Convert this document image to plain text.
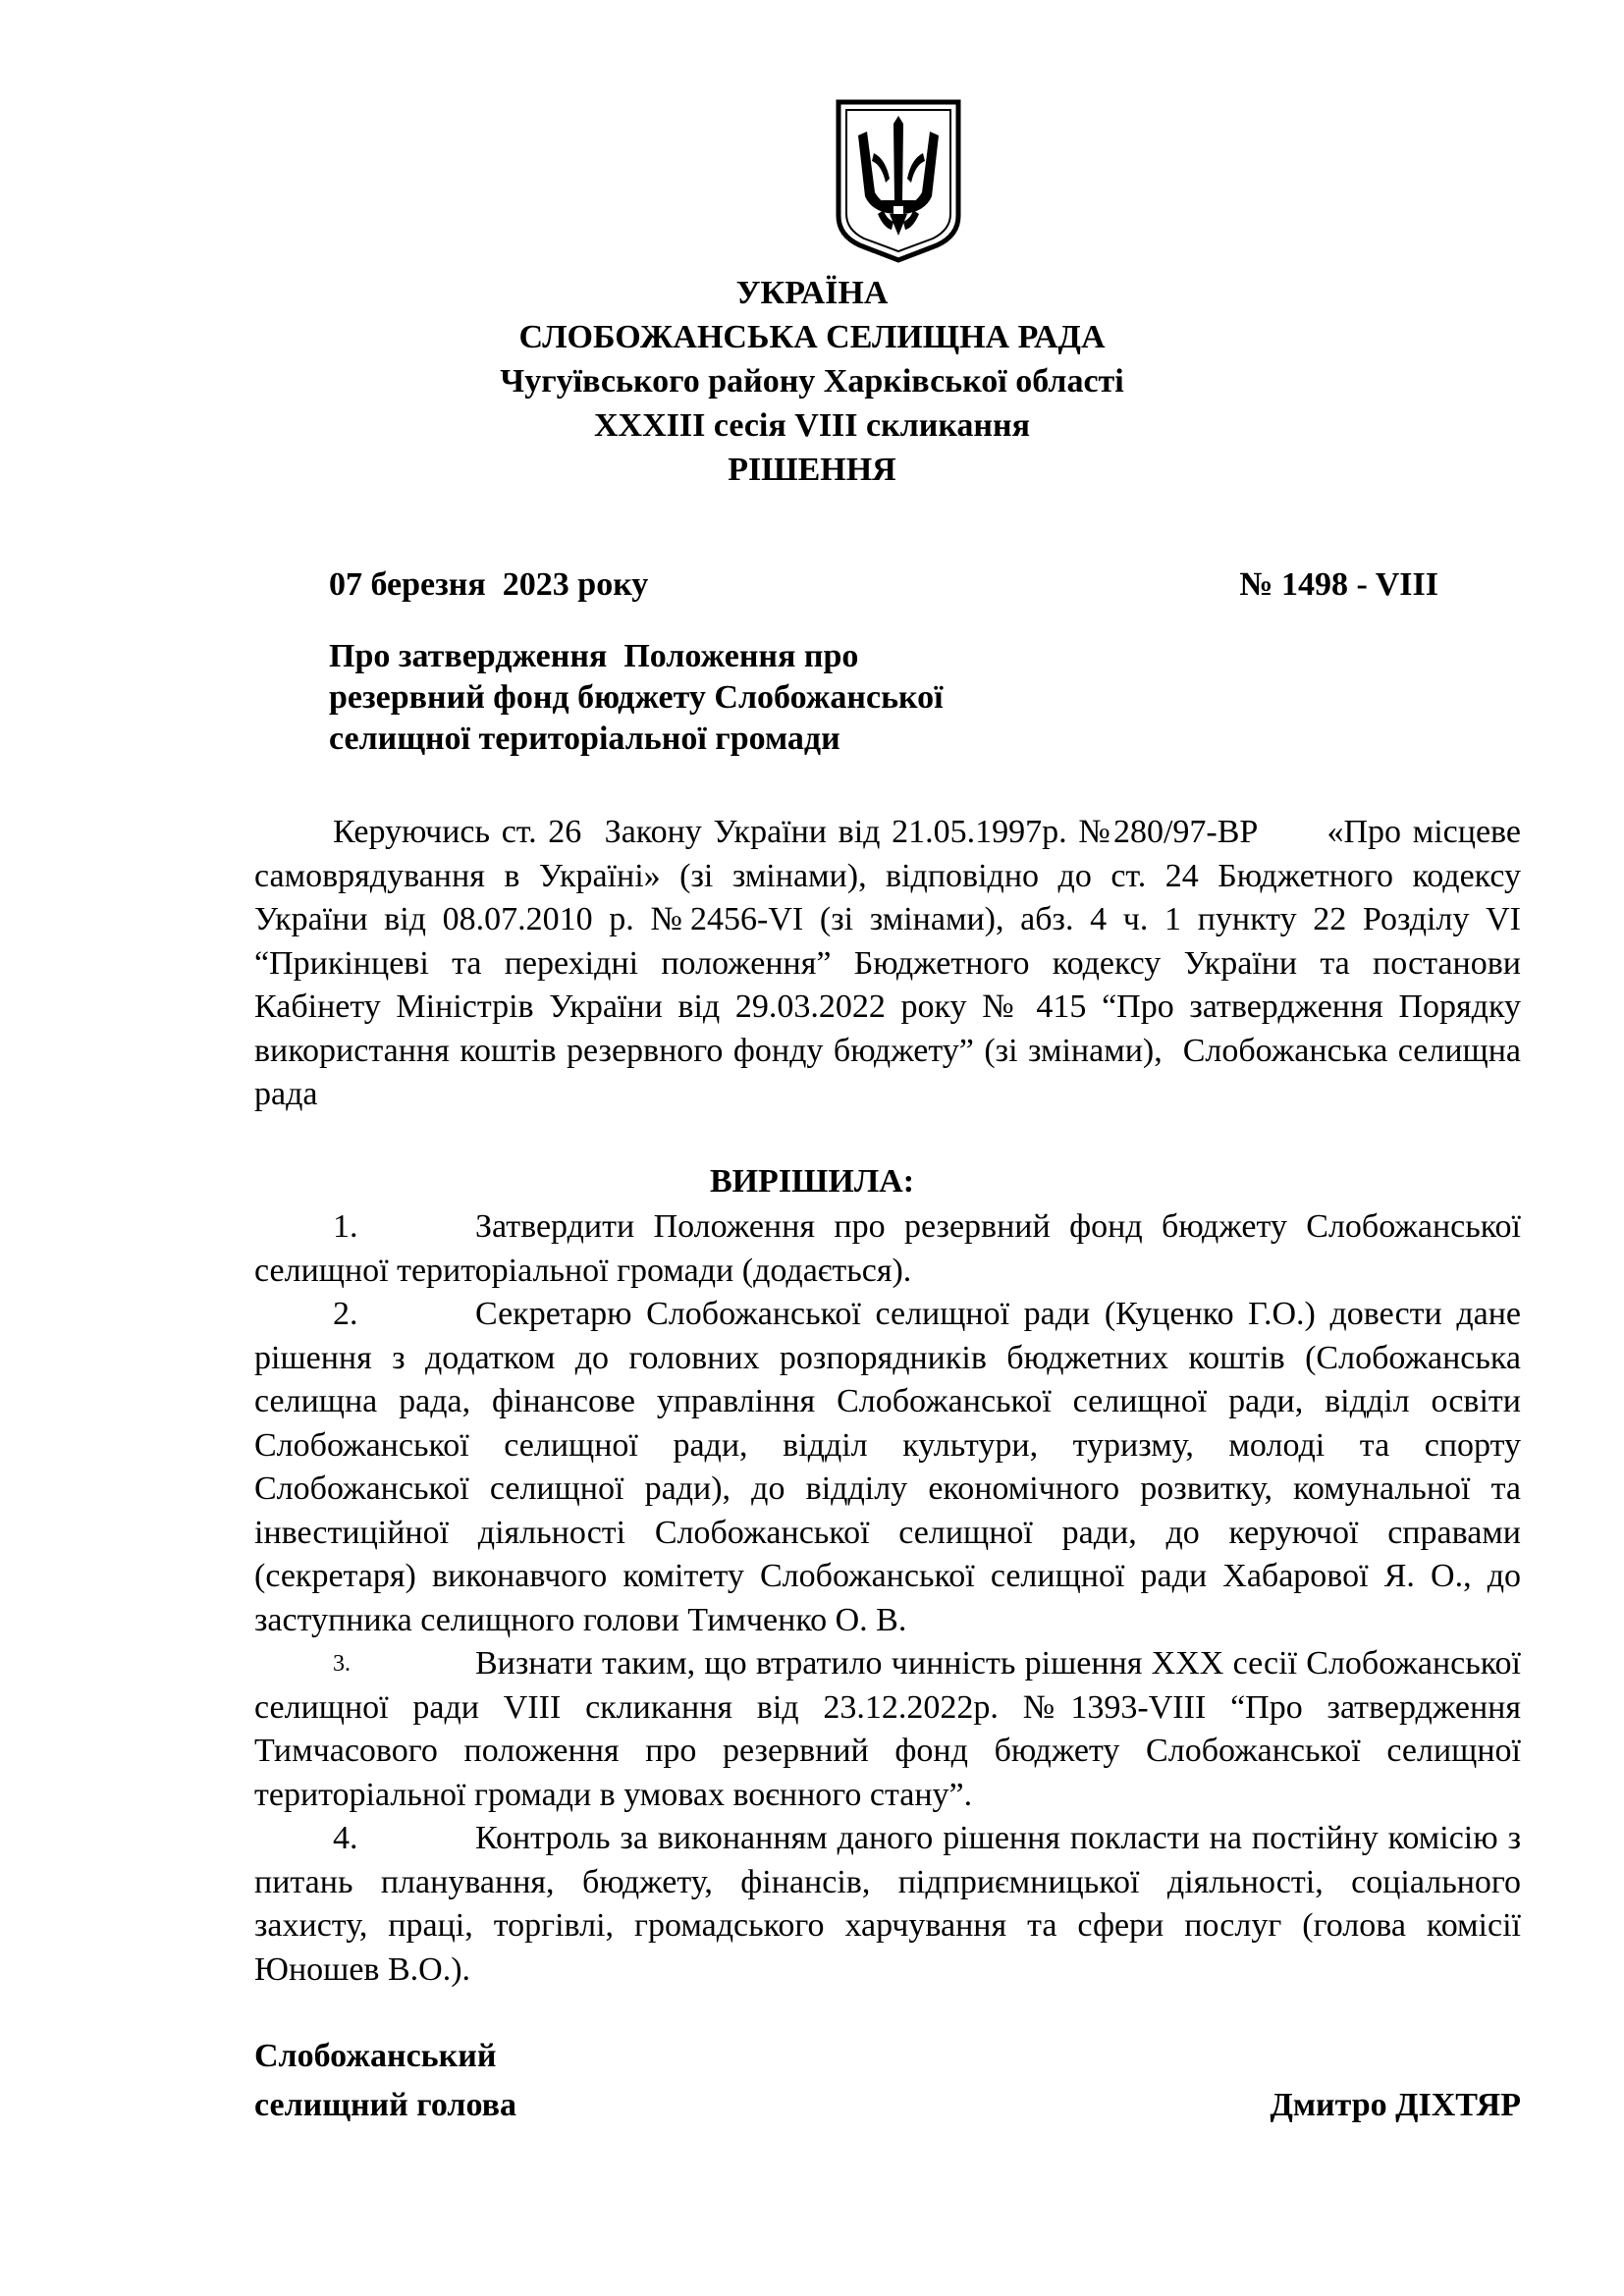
УКРАЇНА
СЛОБОЖАНСЬКА СЕЛИЩНА РАДА
Чугуївського району Харківської області
XXXIII сесія VIII скликання
РІШЕННЯ
07 березня  2023 року	№ 1498 - VIII
Про затвердження  Положення про
резервний фонд бюджету Слобожанської
селищної територіальної громади
Керуючись ст. 26  Закону України від 21.05.1997р. №280/97-ВР      «Про місцеве самоврядування в Україні» (зі змінами), відповідно до ст. 24 Бюджетного кодексу України від 08.07.2010 р. №2456-VI (зі змінами), абз. 4 ч. 1 пункту 22 Розділу VI “Прикінцеві та перехідні положення” Бюджетного кодексу України та постанови Кабінету Міністрів України від 29.03.2022 року № 415 “Про затвердження Порядку використання коштів резервного фонду бюджету” (зі змінами),  Слобожанська селищна рада
ВИРІШИЛА:
1.	Затвердити Положення про резервний фонд бюджету Слобожанської селищної територіальної громади (додається).
2.	Секретарю Слобожанської селищної ради (Куценко Г.О.) довести дане рішення з додатком до головних розпорядників бюджетних коштів (Слобожанська селищна рада, фінансове управління Слобожанської селищної ради, відділ освіти Слобожанської селищної ради, відділ культури, туризму, молоді та спорту Слобожанської селищної ради), до відділу економічного розвитку, комунальної та інвестиційної діяльності Слобожанської селищної ради, до керуючої справами (секретаря) виконавчого комітету Слобожанської селищної ради Хабарової Я. О., до заступника селищного голови Тимченко О. В.
3.	Визнати таким, що втратило чинність рішення XXX сесії Слобожанської селищної ради VIII скликання від 23.12.2022р. №1393-VIII “Про затвердження Тимчасового положення про резервний фонд бюджету Слобожанської селищної територіальної громади в умовах воєнного стану”.
4.	Контроль за виконанням даного рішення покласти на постійну комісію з питань планування, бюджету, фінансів, підприємницької діяльності, соціального захисту, праці, торгівлі, громадського харчування та сфери послуг (голова комісії Юношев В.О.).
Слобожанський
селищний голова	Дмитро ДІХТЯР
